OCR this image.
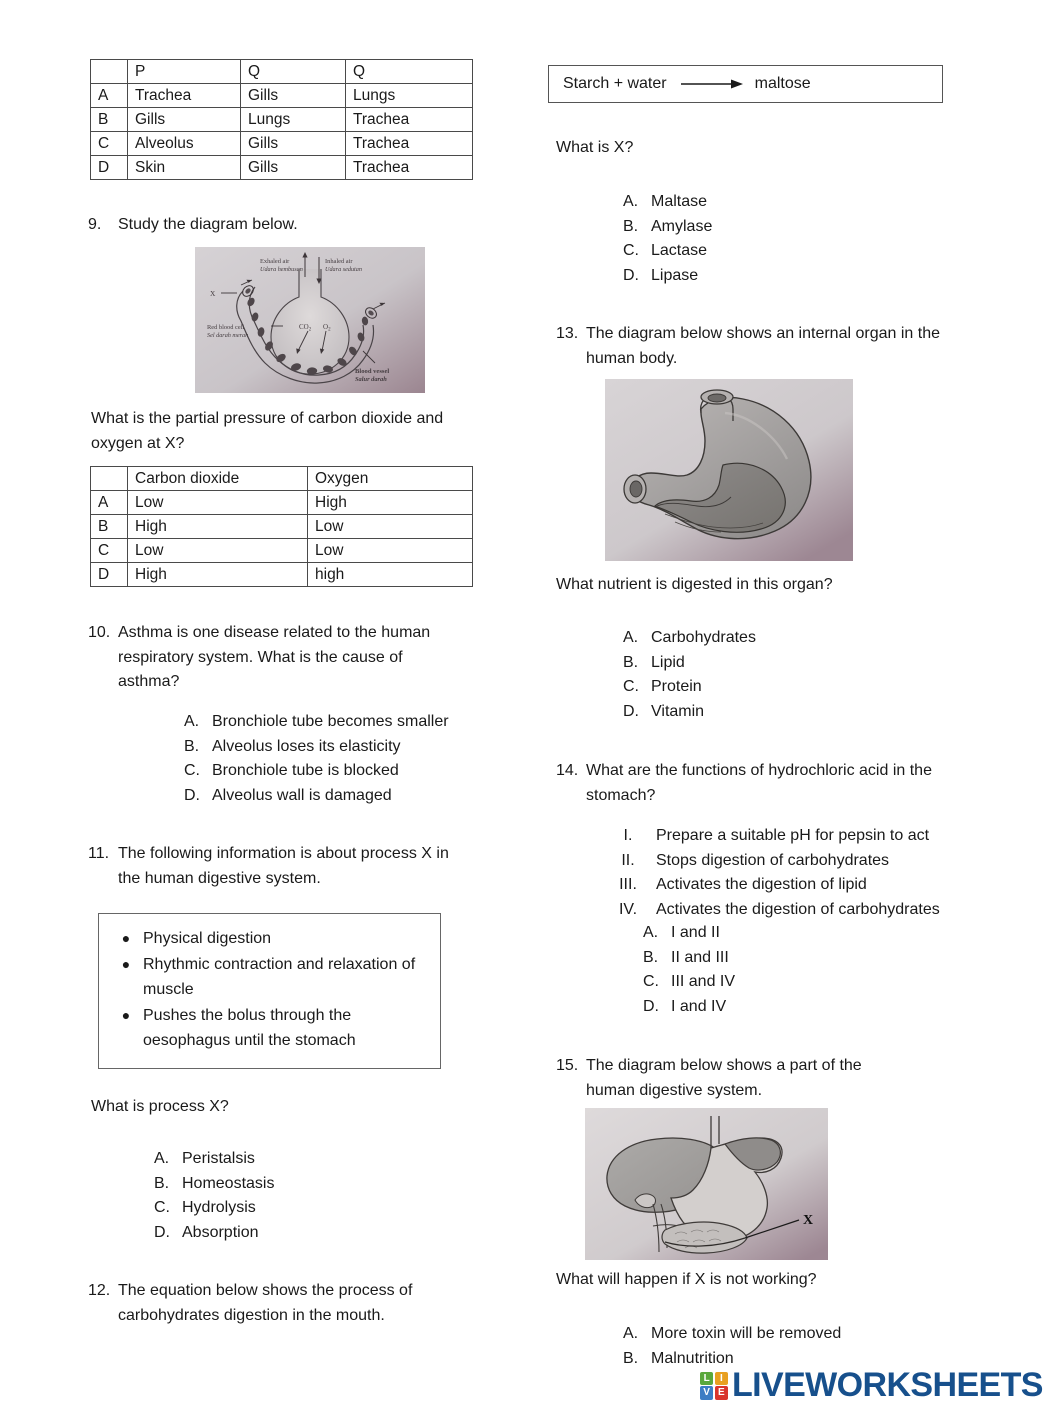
	P	Q	Q
A	Trachea	Gills	Lungs
B	Gills	Lungs	Trachea
C	Alveolus	Gills	Trachea
D	Skin	Gills	Trachea
9.	Study the diagram below.
Exhaled air
Udara hembusan
Inhaled air
Udara sedutan
X
Red blood cell
Sel darah merah
Blood vessel
Salur darah
$CO_2$ $O_2$
What is the partial pressure of carbon dioxide and oxygen at X?
	Carbon dioxide	Oxygen
A	Low	High
B	High	Low
C	Low	Low
D	High	high
10. Asthma is one disease related to the human respiratory system. What is the cause of asthma?
A. Bronchiole tube becomes smaller
B. Alveolus loses its elasticity
C. Bronchiole tube is blocked
D. Alveolus wall is damaged
11. The following information is about process X in the human digestive system.
● Physical digestion
● Rhythmic contraction and relaxation of muscle
● Pushes the bolus through the oesophagus until the stomach
What is process X?
A. Peristalsis
B. Homeostasis
C. Hydrolysis
D. Absorption
12. The equation below shows the process of carbohydrates digestion in the mouth.
Starch + water → maltose
What is X?
A. Maltase
B. Amylase
C. Lactase
D. Lipase
13. The diagram below shows an internal organ in the human body.
What nutrient is digested in this organ?
A. Carbohydrates
B. Lipid
C. Protein
D. Vitamin
14. What are the functions of hydrochloric acid in the stomach?
I.	Prepare a suitable pH for pepsin to act
II.	Stops digestion of carbohydrates
III.	Activates the digestion of lipid
IV.	Activates the digestion of carbohydrates
A. I and II
B. II and III
C. III and IV
D. I and IV
15. The diagram below shows a part of the human digestive system.
X
What will happen if X is not working?
A. More toxin will be removed
B. Malnutrition
L	I
V E LIVEWORKSHEETS
